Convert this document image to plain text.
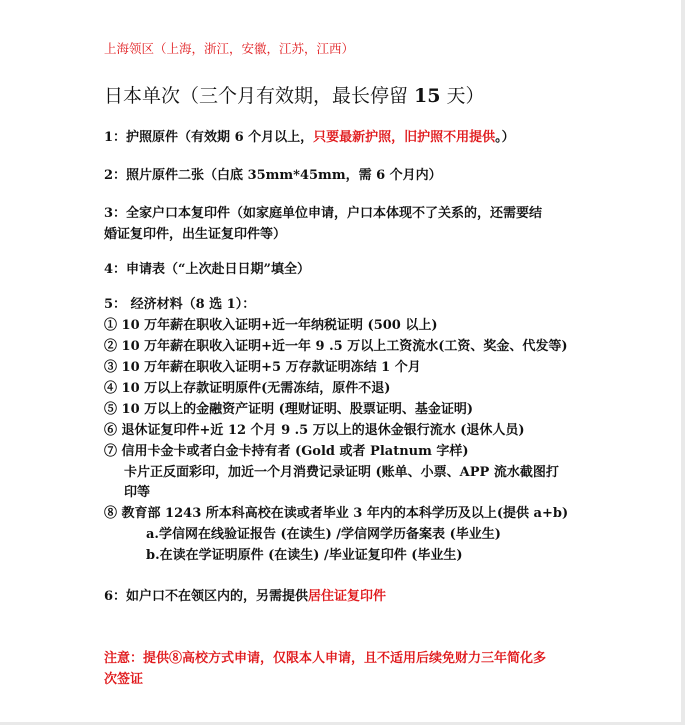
上海领区（上海，浙江，安徽，江苏，江西）
日本单次（三个月有效期，最长停留 15 天）
1：护照原件（有效期 6 个月以上，只要最新护照，旧护照不用提供。）
2：照片原件二张（白底 35mm*45mm，需 6 个月内）
3：全家户口本复印件（如家庭单位申请，户口本体现不了关系的，还需要结
婚证复印件，出生证复印件等）
4：申请表（“上次赴日日期”填全）
5： 经济材料（8 选 1）：
① 10 万年薪在职收入证明+近一年纳税证明 (500 以上)
② 10 万年薪在职收入证明+近一年 9 .5 万以上工资流水(工资、奖金、代发等)
③ 10 万年薪在职收入证明+5 万存款证明冻结 1 个月
④ 10 万以上存款证明原件(无需冻结，原件不退)
⑤ 10 万以上的金融资产证明 (理财证明、股票证明、基金证明)
⑥ 退休证复印件+近 12 个月 9 .5 万以上的退休金银行流水 (退休人员)
⑦ 信用卡金卡或者白金卡持有者 (Gold 或者 Platnum 字样)
卡片正反面彩印，加近一个月消费记录证明 (账单、小票、APP 流水截图打
印等
⑧ 教育部 1243 所本科高校在读或者毕业 3 年内的本科学历及以上(提供 a+b)
a.学信网在线验证报告 (在读生) /学信网学历备案表 (毕业生)
b.在读在学证明原件 (在读生) /毕业证复印件 (毕业生)
6：如户口不在领区内的，另需提供居住证复印件
注意：提供⑧高校方式申请，仅限本人申请，且不适用后续免财力三年简化多
次签证
